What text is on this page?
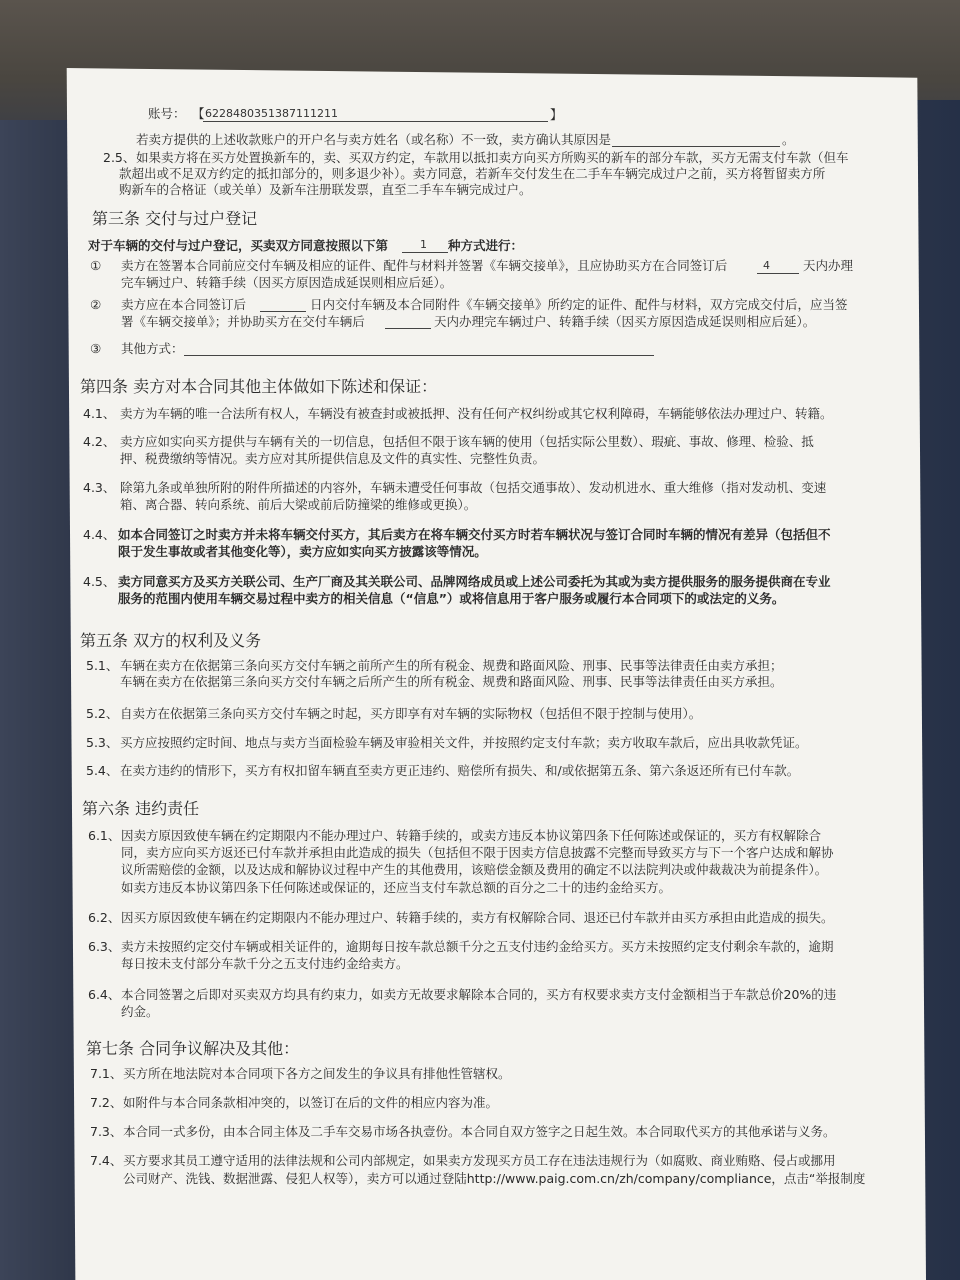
账号： 【 6228480351387111211	】
若卖方提供的上述收款账户的开户名与卖方姓名（或名称）不一致，卖方确认其原因是	。
2.5、 如果卖方将在买方处置换新车的，卖、买双方约定，车款用以抵扣卖方向买方所购买的新车的部分车款，买方无需支付车款（但车
款超出或不足双方约定的抵扣部分的，则多退少补）。卖方同意，若新车交付发生在二手车车辆完成过户之前，买方将暂留卖方所
购新车的合格证（或关单）及新车注册联发票，直至二手车车辆完成过户。
第三条 交付与过户登记
对于车辆的交付与过户登记，买卖双方同意按照以下第	1 种方式进行：
① 卖方在签署本合同前应交付车辆及相应的证件、配件与材料并签署《车辆交接单》，且应协助买方在合同签订后	4	天内办理
完车辆过户、转籍手续（因买方原因造成延误则相应后延）。
② 卖方应在本合同签订后	日内交付车辆及本合同附件《车辆交接单》所约定的证件、配件与材料，双方完成交付后，应当签
署《车辆交接单》；并协助买方在交付车辆后	天内办理完车辆过户、转籍手续（因买方原因造成延误则相应后延）。
③ 其他方式：
第四条 卖方对本合同其他主体做如下陈述和保证：
4.1、 卖方为车辆的唯一合法所有权人，车辆没有被查封或被抵押、没有任何产权纠纷或其它权利障碍，车辆能够依法办理过户、转籍。
4.2、 卖方应如实向买方提供与车辆有关的一切信息，包括但不限于该车辆的使用（包括实际公里数）、瑕疵、事故、修理、检验、抵
押、税费缴纳等情况。卖方应对其所提供信息及文件的真实性、完整性负责。
4.3、 除第九条或单独所附的附件所描述的内容外，车辆未遭受任何事故（包括交通事故）、发动机进水、重大维修（指对发动机、变速
箱、离合器、转向系统、前后大梁或前后防撞梁的维修或更换）。
4.4、 如本合同签订之时卖方并未将车辆交付买方，其后卖方在将车辆交付买方时若车辆状况与签订合同时车辆的情况有差异（包括但不
限于发生事故或者其他变化等），卖方应如实向买方披露该等情况。
4.5、 卖方同意买方及买方关联公司、生产厂商及其关联公司、品牌网络成员或上述公司委托为其或为卖方提供服务的服务提供商在专业
服务的范围内使用车辆交易过程中卖方的相关信息（“信息”）或将信息用于客户服务或履行本合同项下的或法定的义务。
第五条 双方的权利及义务
5.1、 车辆在卖方在依据第三条向买方交付车辆之前所产生的所有税金、规费和路面风险、刑事、民事等法律责任由卖方承担；
车辆在卖方在依据第三条向买方交付车辆之后所产生的所有税金、规费和路面风险、刑事、民事等法律责任由买方承担。
5.2、 自卖方在依据第三条向买方交付车辆之时起，买方即享有对车辆的实际物权（包括但不限于控制与使用）。
5.3、 买方应按照约定时间、地点与卖方当面检验车辆及审验相关文件，并按照约定支付车款；卖方收取车款后，应出具收款凭证。
5.4、 在卖方违约的情形下，买方有权扣留车辆直至卖方更正违约、赔偿所有损失、和/或依据第五条、第六条返还所有已付车款。
第六条 违约责任
6.1、 因卖方原因致使车辆在约定期限内不能办理过户、转籍手续的，或卖方违反本协议第四条下任何陈述或保证的，买方有权解除合
同，卖方应向买方返还已付车款并承担由此造成的损失（包括但不限于因卖方信息披露不完整而导致买方与下一个客户达成和解协
议所需赔偿的金额，以及达成和解协议过程中产生的其他费用，该赔偿金额及费用的确定不以法院判决或仲裁裁决为前提条件）。
如卖方违反本协议第四条下任何陈述或保证的，还应当支付车款总额的百分之二十的违约金给买方。
6.2、 因买方原因致使车辆在约定期限内不能办理过户、转籍手续的，卖方有权解除合同、退还已付车款并由买方承担由此造成的损失。
6.3、 卖方未按照约定交付车辆或相关证件的，逾期每日按车款总额千分之五支付违约金给买方。买方未按照约定支付剩余车款的，逾期
每日按未支付部分车款千分之五支付违约金给卖方。
6.4、 本合同签署之后即对买卖双方均具有约束力，如卖方无故要求解除本合同的，买方有权要求卖方支付金额相当于车款总价20%的违
约金。
第七条 合同争议解决及其他：
7.1、 买方所在地法院对本合同项下各方之间发生的争议具有排他性管辖权。
7.2、 如附件与本合同条款相冲突的，以签订在后的文件的相应内容为准。
7.3、 本合同一式多份，由本合同主体及二手车交易市场各执壹份。本合同自双方签字之日起生效。本合同取代买方的其他承诺与义务。
7.4、 买方要求其员工遵守适用的法律法规和公司内部规定，如果卖方发现买方员工存在违法违规行为（如腐败、商业贿赂、侵占或挪用
公司财产、洗钱、数据泄露、侵犯人权等），卖方可以通过登陆http://www.paig.com.cn/zh/company/compliance，点击“举报制度
